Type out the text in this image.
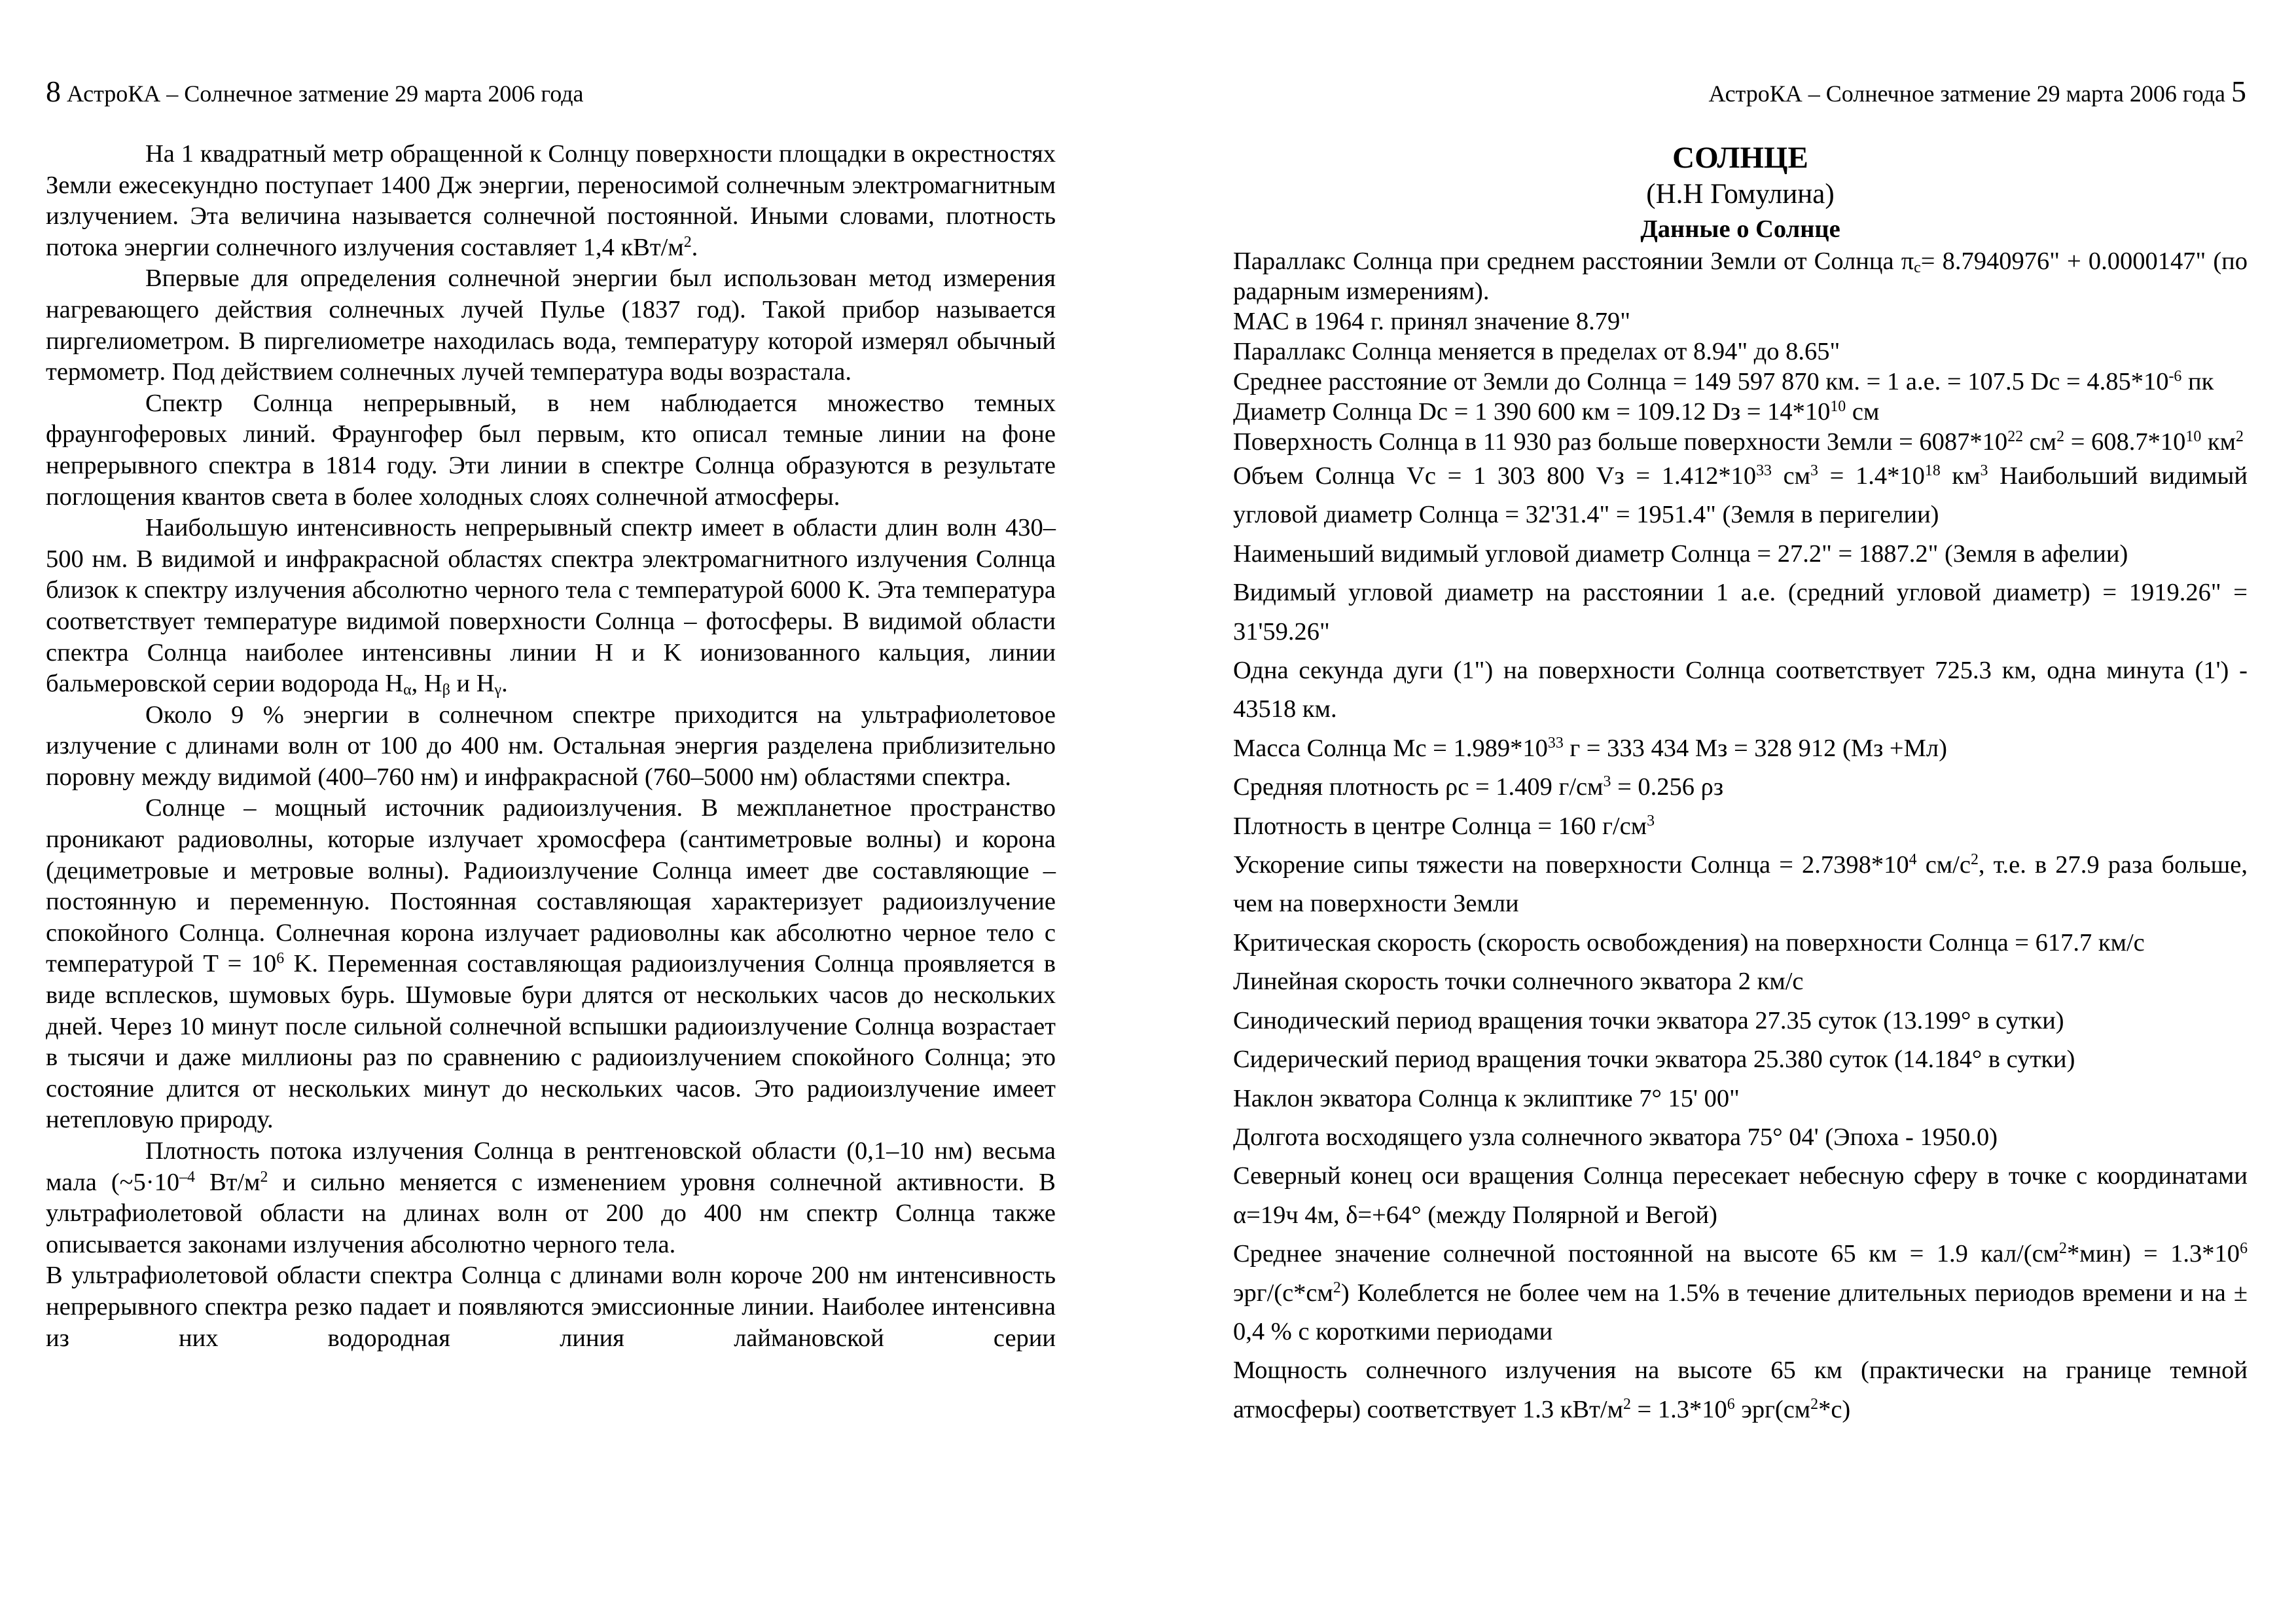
8 АстроКА – Солнечное затмение 29 марта 2006 года	АстроКА – Солнечное затмение 29 марта 2006 года 5

На 1 квадратный метр обращенной к Солнцу поверхности площадки в окрестностях Земли ежесекундно поступает 1400 Дж энергии, переносимой солнечным электромагнитным излучением. Эта величина называется солнечной постоянной. Иными словами, плотность потока энергии солнечного излучения составляет 1,4 кВт/$м^2$.

Впервые для определения солнечной энергии был использован метод измерения нагревающего действия солнечных лучей Пульe (1837 год). Такой прибор называется пиргелиометром. В пиргелиометре находилась вода, температуру которой измерял обычный термометр. Под действием солнечных лучей температура воды возрастала.

Спектр Солнца непрерывный, в нем наблюдается множество темных фраунгоферовых линий. Фраунгофер был первым, кто описал темные линии на фоне непрерывного спектра в 1814 году. Эти линии в спектре Солнца образуются в результате поглощения квантов света в более холодных слоях солнечной атмосферы.

Наибольшую интенсивность непрерывный спектр имеет в области длин волн 430–500 нм. В видимой и инфракрасной областях спектра электромагнитного излучения Солнца близок к спектру излучения абсолютно черного тела с температурой 6000 К. Эта температура соответствует температуре видимой поверхности Солнца – фотосферы. В видимой области спектра Солнца наиболее интенсивны линии H и K ионизованного кальция, линии бальмеровской серии водорода $H_\alpha$, $H_\beta$ и $H_\gamma$.

Около 9 % энергии в солнечном спектре приходится на ультрафиолетовое излучение с длинами волн от 100 до 400 нм. Остальная энергия разделена приблизительно поровну между видимой (400–760 нм) и инфракрасной (760–5000 нм) областями спектра.

Солнце – мощный источник радиоизлучения. В межпланетное пространство проникают радиоволны, которые излучает хромосфера (сантиметровые волны) и корона (дециметровые и метровые волны). Радиоизлучение Солнца имеет две составляющие – постоянную и переменную. Постоянная составляющая характеризует радиоизлучение спокойного Солнца. Солнечная корона излучает радиоволны как абсолютно черное тело с температурой $T = 10^6$ K. Переменная составляющая радиоизлучения Солнца проявляется в виде всплесков, шумовых бурь. Шумовые бури длятся от нескольких часов до нескольких дней. Через 10 минут после сильной солнечной вспышки радиоизлучение Солнца возрастает в тысячи и даже миллионы раз по сравнению с радиоизлучением спокойного Солнца; это состояние длится от нескольких минут до нескольких часов. Это радиоизлучение имеет нетепловую природу.

Плотность потока излучения Солнца в рентгеновской области (0,1–10 нм) весьма мала ($\sim 5\cdot 10^{-4}$ $Вт/м^2$ и сильно меняется с изменением уровня солнечной активности. В ультрафиолетовой области на длинах волн от 200 до 400 нм спектр Солнца также описывается законами излучения абсолютно черного тела.

В ультрафиолетовой области спектра Солнца с длинами волн короче 200 нм интенсивность непрерывного спектра резко падает и появляются эмиссионные линии. Наиболее интенсивна из них водородная линия лаймановской серии

СОЛНЦЕ
(Н.Н Гомулина)
Данные о Солнце

Параллакс Солнца при среднем расстоянии Земли от Солнца $\pi_c= 8.7940976$" + 0.0000147" (по радарным измерениям).

МАС в 1964 г. принял значение 8.79"

Параллакс Солнца меняется в пределах от 8.94" до 8.65"

Среднее расстояние от Земли до Солнца = 149 597 870 км. = 1 а.е. = 107.5 Dс = $4.85*10^{-6}$ пк

Диаметр Солнца Dс = 1 390 600 км = 109.12 Dз = $14*10^{10}$ см

Поверхность Солнца в 11 930 раз больше поверхности Земли = $6087*10^{22}$ $см^2 = 608.7*10^{10}$ $км^2$

Объем Солнца Vс = 1 303 800 Vз = $1.412*10^{33}$ $см^3 = 1.4*10^{18}$ $км^3$ Наибольший видимый угловой диаметр Солнца = 32'31.4" = 1951.4" (Земля в перигелии)

Наименьший видимый угловой диаметр Солнца = 27.2" = 1887.2" (Земля в афелии)

Видимый угловой диаметр на расстоянии 1 а.е. (средний угловой диаметр) = 1919.26" = 31'59.26"

Одна секунда дуги (1") на поверхности Солнца соответствует 725.3 км, одна минута (1') - 43518 км.

Масса Солнца Mс = $1.989*10^{33}$ г = 333 434 Mз = 328 912 (Mз +Mл)

Средняя плотность ρс = 1.409 $г/см^3 = 0.256$ ρз

Плотность в центре Солнца = 160 $г/см^3$

Ускорение сипы тяжести на поверхности Солнца = $2.7398*10^4$ $см/с^2$, т.е. в 27.9 раза больше, чем на поверхности Земли

Критическая скорость (скорость освобождения) на поверхности Солнца = 617.7 км/с

Линейная скорость точки солнечного экватора 2 км/с

Синодический период вращения точки экватора 27.35 суток (13.199° в сутки)

Сидерический период вращения точки экватора 25.380 суток (14.184° в сутки)

Наклон экватора Солнца к эклиптике 7° 15' 00"

Долгота восходящего узла солнечного экватора 75° 04' (Эпоха - 1950.0)

Северный конец оси вращения Солнца пересекает небесную сферу в точке с координатами α=19ч 4м, δ=+64° (между Полярной и Вегой)

Среднее значение солнечной постоянной на высоте 65 км = 1.9 кал/$(см^2*мин) = 1.3*10^6$ эрг/$(с*см^2)$ Колеблется не более чем на 1.5% в течение длительных периодов времени и на ± 0,4 % с короткими периодами

Мощность солнечного излучения на высоте 65 км (практически на границе темной атмосферы) соответствует 1.3 кВт/$м^2 = 1.3*10^6$ $эрг(см^2*с)$
